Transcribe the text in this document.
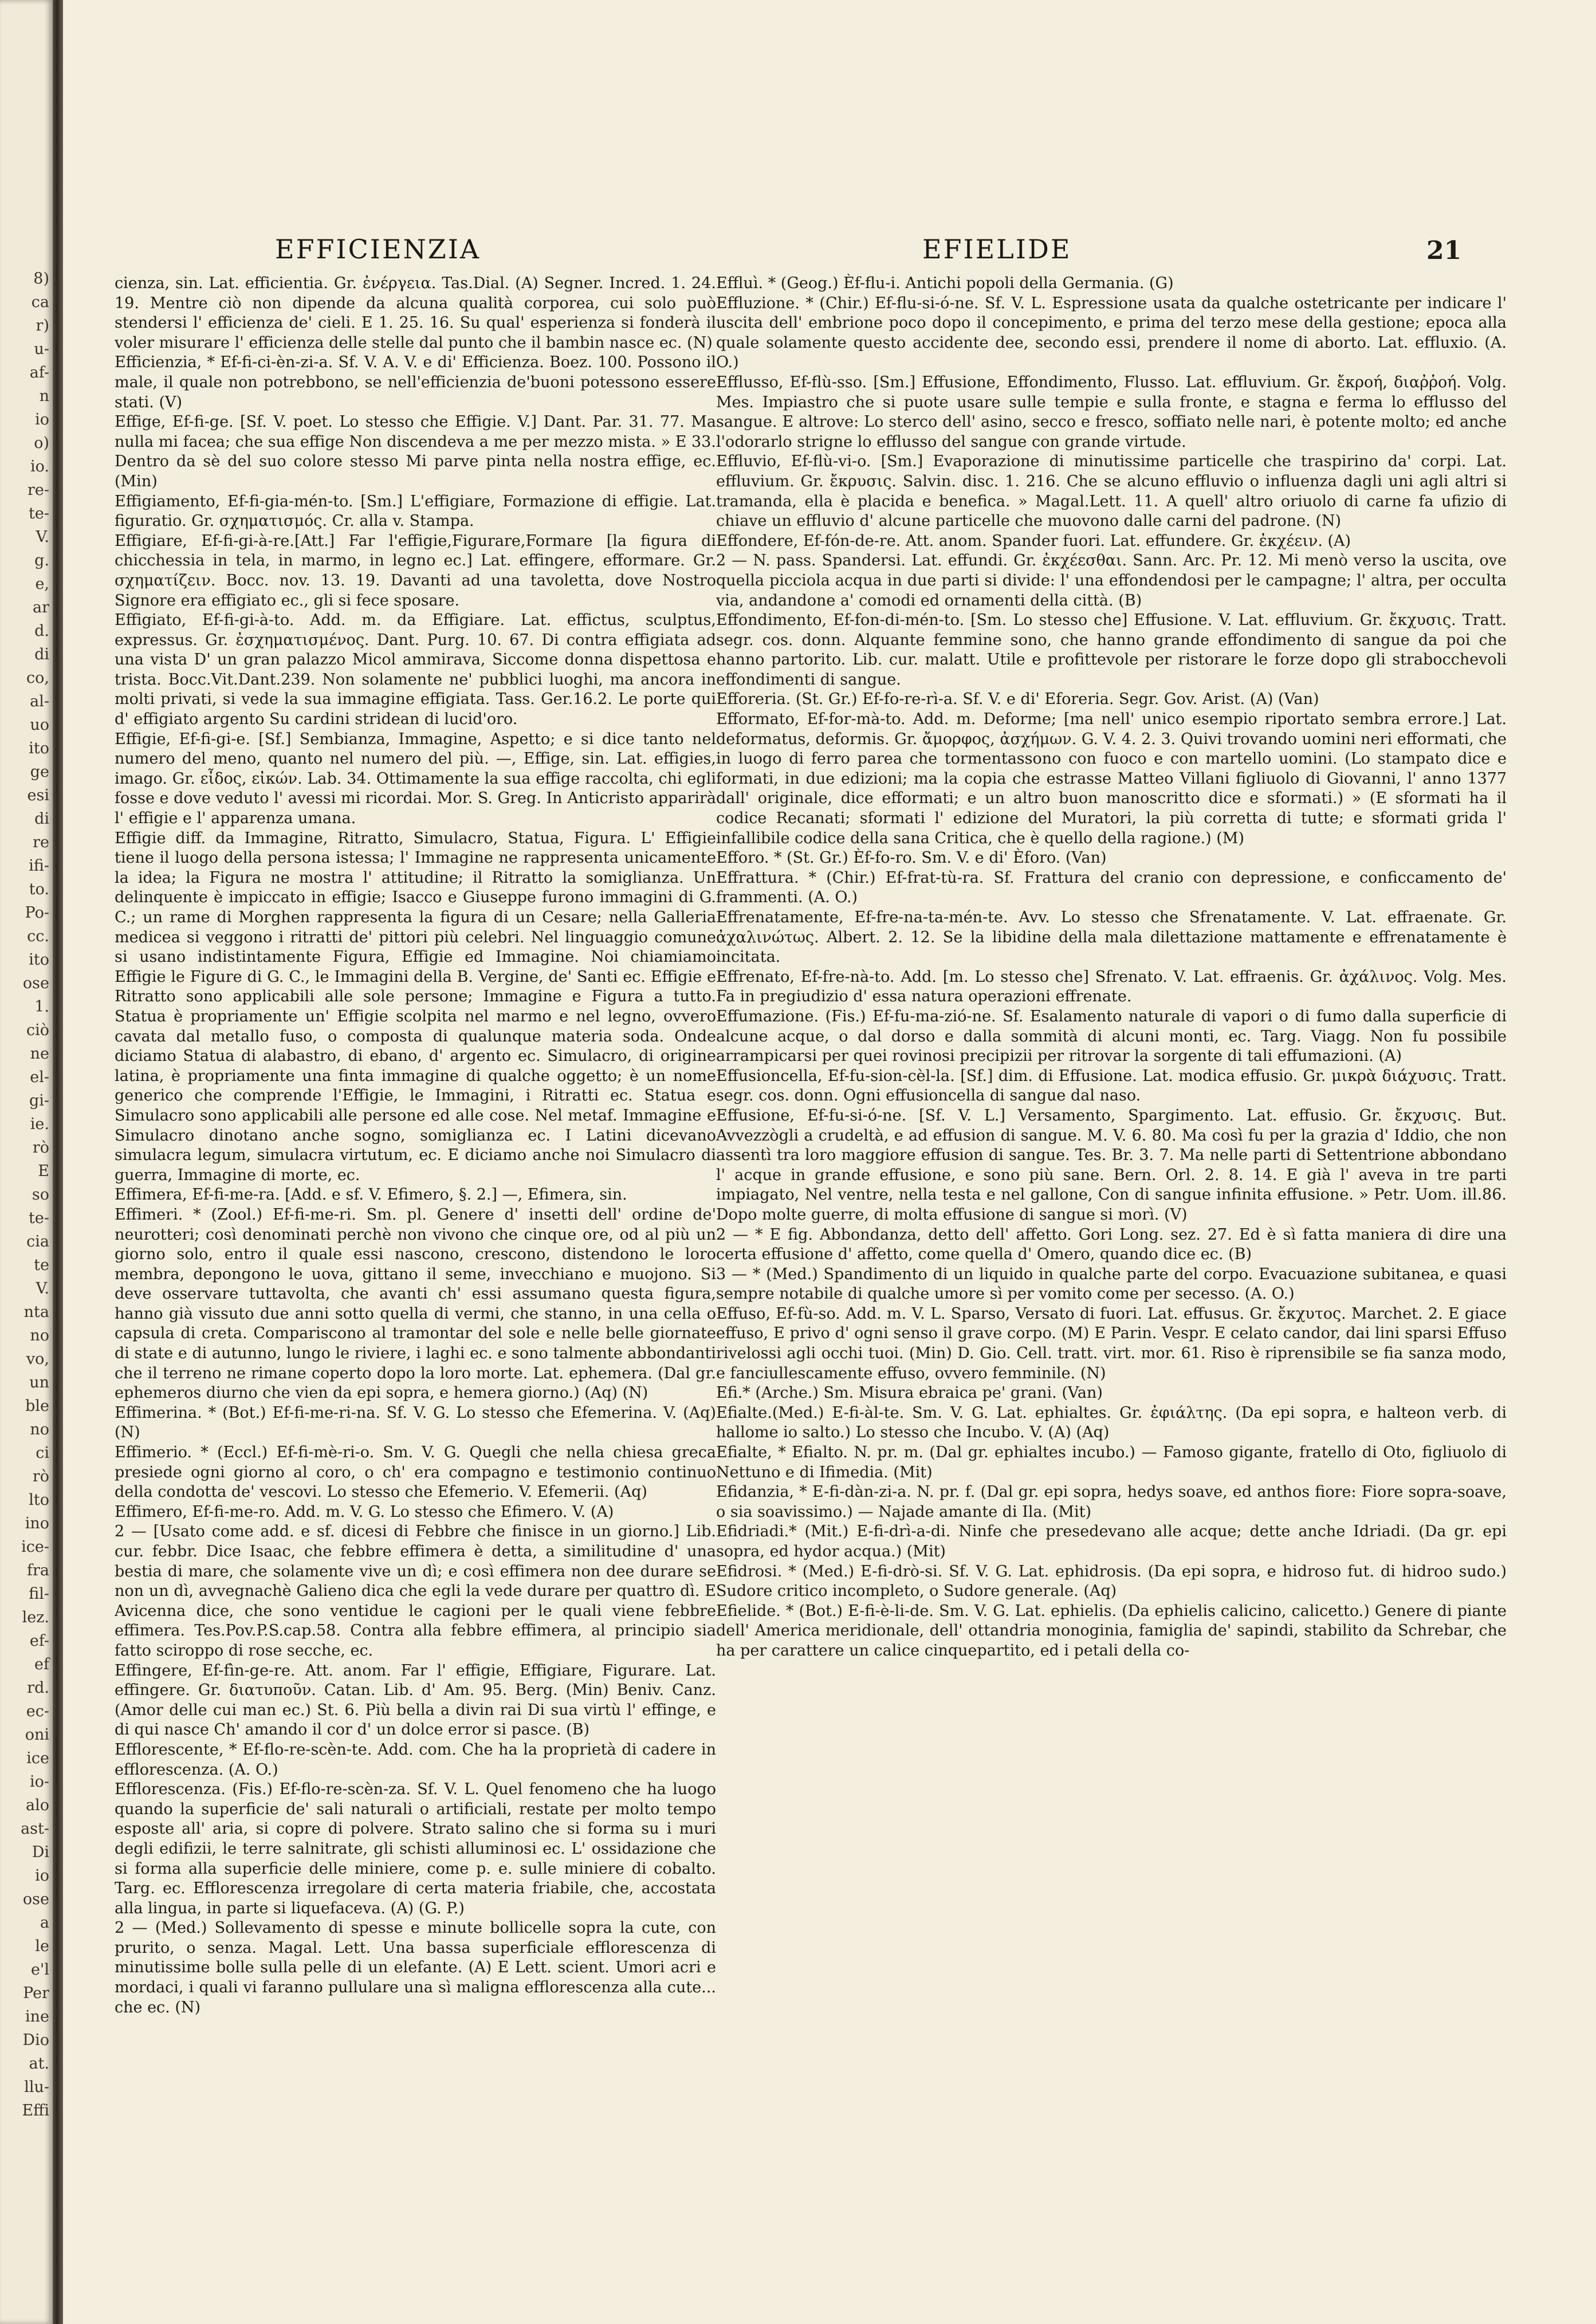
8)
ca
r)
u-
af-
n
io
o)
io.
re-
te-
V.
g.
e,
ar
d.
di
co,
al-
uo
ito
ge
esi
di
re
ifi-
to.
Po-
cc.
ito
ose
1.
ciò
ne
el-
gi-
ie.
rò
E
so
te-
cia
te
V.
nta
no
vo,
un
ble
no
ci
rò
lto
ino
ice-
fra
fil-
lez.
ef-
ef
rd.
ec-
oni
ice
io-
alo
ast-
Di
io
ose
a
le
e'l
Per
ine
Dio
at.
llu-
Effi
EFFICIENZIA	EFIELIDE	21

cienza, sin. Lat. efficientia. Gr. ἐνέργεια. Tas.Dial. (A) Segner. Incred. 1. 24. 19. Mentre ciò non dipende da alcuna qualità corporea, cui solo può stendersi l' efficienza de' cieli. E 1. 25. 16. Su qual' esperienza si fonderà il voler misurare l' efficienza delle stelle dal punto che il bambin nasce ec. (N)

Efficienzia, * Ef-fi-ci-èn-zi-a. Sf. V. A. V. e di' Efficienza. Boez. 100. Possono il male, il quale non potrebbono, se nell'efficienzia de'buoni potessono essere stati. (V)

Effige, Ef-fi-ge. [Sf. V. poet. Lo stesso che Effigie. V.] Dant. Par. 31. 77. Ma nulla mi facea; che sua effige Non discendeva a me per mezzo mista. » E 33. Dentro da sè del suo colore stesso Mi parve pinta nella nostra effige, ec. (Min)

Effigiamento, Ef-fi-gia-mén-to. [Sm.] L'effigiare, Formazione di effigie. Lat. figuratio. Gr. σχηματισμός. Cr. alla v. Stampa.

Effigiare, Ef-fi-gi-à-re.[Att.] Far l'effigie,Figurare,Formare [la figura di chicchessia in tela, in marmo, in legno ec.] Lat. effingere, efformare. Gr. σχηματίζειν. Bocc. nov. 13. 19. Davanti ad una tavoletta, dove Nostro Signore era effigiato ec., gli si fece sposare.

Effigiato, Ef-fi-gi-à-to. Add. m. da Effigiare. Lat. effictus, sculptus, expressus. Gr. ἐσχηματισμένος. Dant. Purg. 10. 67. Di contra effigiata ad una vista D' un gran palazzo Micol ammirava, Siccome donna dispettosa e trista. Bocc.Vit.Dant.239. Non solamente ne' pubblici luoghi, ma ancora in molti privati, si vede la sua immagine effigiata. Tass. Ger.16.2. Le porte qui d' effigiato argento Su cardini stridean di lucid'oro.

Effigie, Ef-fi-gi-e. [Sf.] Sembianza, Immagine, Aspetto; e si dice tanto nel numero del meno, quanto nel numero del più. —, Effige, sin. Lat. effigies, imago. Gr. εἶδος, εἰκών. Lab. 34. Ottimamente la sua effige raccolta, chi egli fosse e dove veduto l' avessi mi ricordai. Mor. S. Greg. In Anticristo apparirà l' effigie e l' apparenza umana.

Effigie diff. da Immagine, Ritratto, Simulacro, Statua, Figura. L' Effigie tiene il luogo della persona istessa; l' Immagine ne rappresenta unicamente la idea; la Figura ne mostra l' attitudine; il Ritratto la somiglianza. Un delinquente è impiccato in effigie; Isacco e Giuseppe furono immagini di G. C.; un rame di Morghen rappresenta la figura di un Cesare; nella Galleria medicea si veggono i ritratti de' pittori più celebri. Nel linguaggio comune si usano indistintamente Figura, Effigie ed Immagine. Noi chiamiamo Effigie le Figure di G. C., le Immagini della B. Vergine, de' Santi ec. Effigie e Ritratto sono applicabili alle sole persone; Immagine e Figura a tutto. Statua è propriamente un' Effigie scolpita nel marmo e nel legno, ovvero cavata dal metallo fuso, o composta di qualunque materia soda. Onde diciamo Statua di alabastro, di ebano, d' argento ec. Simulacro, di origine latina, è propriamente una finta immagine di qualche oggetto; è un nome generico che comprende l'Effigie, le Immagini, i Ritratti ec. Statua e Simulacro sono applicabili alle persone ed alle cose. Nel metaf. Immagine e Simulacro dinotano anche sogno, somiglianza ec. I Latini dicevano simulacra legum, simulacra virtutum, ec. E diciamo anche noi Simulacro di guerra, Immagine di morte, ec.

Effimera, Ef-fi-me-ra. [Add. e sf. V. Efimero, §. 2.] —, Efimera, sin.

Effimeri. * (Zool.) Ef-fi-me-ri. Sm. pl. Genere d' insetti dell' ordine de' neurotteri; così denominati perchè non vivono che cinque ore, od al più un giorno solo, entro il quale essi nascono, crescono, distendono le loro membra, depongono le uova, gittano il seme, invecchiano e muojono. Si deve osservare tuttavolta, che avanti ch' essi assumano questa figura, hanno già vissuto due anni sotto quella di vermi, che stanno, in una cella o capsula di creta. Compariscono al tramontar del sole e nelle belle giornate di state e di autunno, lungo le riviere, i laghi ec. e sono talmente abbondanti che il terreno ne rimane coperto dopo la loro morte. Lat. ephemera. (Dal gr. ephemeros diurno che vien da epi sopra, e hemera giorno.) (Aq) (N)

Effimerina. * (Bot.) Ef-fi-me-ri-na. Sf. V. G. Lo stesso che Efemerina. V. (Aq) (N)

Effimerio. * (Eccl.) Ef-fi-mè-ri-o. Sm. V. G. Quegli che nella chiesa greca presiede ogni giorno al coro, o ch' era compagno e testimonio continuo della condotta de' vescovi. Lo stesso che Efemerio. V. Efemerii. (Aq)

Effimero, Ef-fi-me-ro. Add. m. V. G. Lo stesso che Efimero. V. (A)

2 — [Usato come add. e sf. dicesi di Febbre che finisce in un giorno.] Lib. cur. febbr. Dice Isaac, che febbre effimera è detta, a similitudine d' una bestia di mare, che solamente vive un dì; e così effimera non dee durare se non un dì, avvegnachè Galieno dica che egli la vede durare per quattro dì. E Avicenna dice, che sono ventidue le cagioni per le quali viene febbre effimera. Tes.Pov.P.S.cap.58. Contra alla febbre effimera, al principio sia fatto sciroppo di rose secche, ec.

Effingere, Ef-fìn-ge-re. Att. anom. Far l' effigie, Effigiare, Figurare. Lat. effingere. Gr. διατυποῦν. Catan. Lib. d' Am. 95. Berg. (Min) Beniv. Canz. (Amor delle cui man ec.) St. 6. Più bella a divin rai Di sua virtù l' effinge, e di qui nasce Ch' amando il cor d' un dolce error si pasce. (B)

Efflorescente, * Ef-flo-re-scèn-te. Add. com. Che ha la proprietà di cadere in efflorescenza. (A. O.)

Efflorescenza. (Fis.) Ef-flo-re-scèn-za. Sf. V. L. Quel fenomeno che ha luogo quando la superficie de' sali naturali o artificiali, restate per molto tempo esposte all' aria, si copre di polvere. Strato salino che si forma su i muri degli edifizii, le terre salnitrate, gli schisti alluminosi ec. L' ossidazione che si forma alla superficie delle miniere, come p. e. sulle miniere di cobalto. Targ. ec. Efflorescenza irregolare di certa materia friabile, che, accostata alla lingua, in parte si liquefaceva. (A) (G. P.)

2 — (Med.) Sollevamento di spesse e minute bollicelle sopra la cute, con prurito, o senza. Magal. Lett. Una bassa superficiale efflorescenza di minutissime bolle sulla pelle di un elefante. (A) E Lett. scient. Umori acri e mordaci, i quali vi faranno pullulare una sì maligna efflorescenza alla cute... che ec. (N)

Effluì. * (Geog.) Èf-flu-i. Antichi popoli della Germania. (G)

Effluzione. * (Chir.) Ef-flu-si-ó-ne. Sf. V. L. Espressione usata da qualche ostetricante per indicare l' uscita dell' embrione poco dopo il concepimento, e prima del terzo mese della gestione; epoca alla quale solamente questo accidente dee, secondo essi, prendere il nome di aborto. Lat. effluxio. (A. O.)

Efflusso, Ef-flù-sso. [Sm.] Effusione, Effondimento, Flusso. Lat. effluvium. Gr. ἔκροή, διαῤῥοή. Volg. Mes. Impiastro che si puote usare sulle tempie e sulla fronte, e stagna e ferma lo efflusso del sangue. E altrove: Lo sterco dell' asino, secco e fresco, soffiato nelle nari, è potente molto; ed anche l'odorarlo strigne lo efflusso del sangue con grande virtude.

Effluvio, Ef-flù-vi-o. [Sm.] Evaporazione di minutissime particelle che traspirino da' corpi. Lat. effluvium. Gr. ἔκρυσις. Salvin. disc. 1. 216. Che se alcuno effluvio o influenza dagli uni agli altri si tramanda, ella è placida e benefica. » Magal.Lett. 11. A quell' altro oriuolo di carne fa ufizio di chiave un effluvio d' alcune particelle che muovono dalle carni del padrone. (N)

Effondere, Ef-fón-de-re. Att. anom. Spander fuori. Lat. effundere. Gr. ἐκχέειν. (A)

2 — N. pass. Spandersi. Lat. effundi. Gr. ἐκχέεσθαι. Sann. Arc. Pr. 12. Mi menò verso la uscita, ove quella picciola acqua in due parti si divide: l' una effondendosi per le campagne; l' altra, per occulta via, andandone a' comodi ed ornamenti della città. (B)

Effondimento, Ef-fon-di-mén-to. [Sm. Lo stesso che] Effusione. V. Lat. effluvium. Gr. ἔκχυσις. Tratt. segr. cos. donn. Alquante femmine sono, che hanno grande effondimento di sangue da poi che hanno partorito. Lib. cur. malatt. Utile e profittevole per ristorare le forze dopo gli strabocchevoli effondimenti di sangue.

Efforeria. (St. Gr.) Ef-fo-re-rì-a. Sf. V. e di' Eforeria. Segr. Gov. Arist. (A) (Van)

Efformato, Ef-for-mà-to. Add. m. Deforme; [ma nell' unico esempio riportato sembra errore.] Lat. deformatus, deformis. Gr. ἄμορφος, ἀσχήμων. G. V. 4. 2. 3. Quivi trovando uomini neri efformati, che in luogo di ferro parea che tormentassono con fuoco e con martello uomini. (Lo stampato dice e formati, in due edizioni; ma la copia che estrasse Matteo Villani figliuolo di Giovanni, l' anno 1377 dall' originale, dice efformati; e un altro buon manoscritto dice e sformati.) » (E sformati ha il codice Recanati; sformati l' edizione del Muratori, la più corretta di tutte; e sformati grida l' infallibile codice della sana Critica, che è quello della ragione.) (M)

Efforo. * (St. Gr.) Èf-fo-ro. Sm. V. e di' Èforo. (Van)

Effrattura. * (Chir.) Ef-frat-tù-ra. Sf. Frattura del cranio con depressione, e conficcamento de' frammenti. (A. O.)

Effrenatamente, Ef-fre-na-ta-mén-te. Avv. Lo stesso che Sfrenatamente. V. Lat. effraenate. Gr. ἀχαλινώτως. Albert. 2. 12. Se la libidine della mala dilettazione mattamente e effrenatamente è incitata.

Effrenato, Ef-fre-nà-to. Add. [m. Lo stesso che] Sfrenato. V. Lat. effraenis. Gr. ἀχάλινος. Volg. Mes. Fa in pregiudizio d' essa natura operazioni effrenate.

Effumazione. (Fis.) Ef-fu-ma-zió-ne. Sf. Esalamento naturale di vapori o di fumo dalla superficie di alcune acque, o dal dorso e dalla sommità di alcuni monti, ec. Targ. Viagg. Non fu possibile arrampicarsi per quei rovinosi precipizii per ritrovar la sorgente di tali effumazioni. (A)

Effusioncella, Ef-fu-sion-cèl-la. [Sf.] dim. di Effusione. Lat. modica effusio. Gr. μικρὰ διάχυσις. Tratt. segr. cos. donn. Ogni effusioncella di sangue dal naso.

Effusione, Ef-fu-si-ó-ne. [Sf. V. L.] Versamento, Spargimento. Lat. effusio. Gr. ἔκχυσις. But. Avvezzògli a crudeltà, e ad effusion di sangue. M. V. 6. 80. Ma così fu per la grazia d' Iddio, che non assentì tra loro maggiore effusion di sangue. Tes. Br. 3. 7. Ma nelle parti di Settentrione abbondano l' acque in grande effusione, e sono più sane. Bern. Orl. 2. 8. 14. E già l' aveva in tre parti impiagato, Nel ventre, nella testa e nel gallone, Con di sangue infinita effusione. » Petr. Uom. ill.86. Dopo molte guerre, di molta effusione di sangue si morì. (V)

2 — * E fig. Abbondanza, detto dell' affetto. Gori Long. sez. 27. Ed è sì fatta maniera di dire una certa effusione d' affetto, come quella d' Omero, quando dice ec. (B)

3 — * (Med.) Spandimento di un liquido in qualche parte del corpo. Evacuazione subitanea, e quasi sempre notabile di qualche umore sì per vomito come per secesso. (A. O.)

Effuso, Ef-fù-so. Add. m. V. L. Sparso, Versato di fuori. Lat. effusus. Gr. ἔκχυτος. Marchet. 2. E giace effuso, E privo d' ogni senso il grave corpo. (M) E Parin. Vespr. E celato candor, dai lini sparsi Effuso rivelossi agli occhi tuoi. (Min) D. Gio. Cell. tratt. virt. mor. 61. Riso è riprensibile se fia sanza modo, e fanciullescamente effuso, ovvero femminile. (N)

Efi.* (Arche.) Sm. Misura ebraica pe' grani. (Van)

Efialte.(Med.) E-fi-àl-te. Sm. V. G. Lat. ephialtes. Gr. ἐφιάλτης. (Da epi sopra, e halteon verb. di hallome io salto.) Lo stesso che Incubo. V. (A) (Aq)

Efialte, * Efialto. N. pr. m. (Dal gr. ephialtes incubo.) — Famoso gigante, fratello di Oto, figliuolo di Nettuno e di Ifimedia. (Mit)

Efidanzia, * E-fi-dàn-zi-a. N. pr. f. (Dal gr. epi sopra, hedys soave, ed anthos fiore: Fiore sopra-soave, o sia soavissimo.) — Najade amante di Ila. (Mit)

Efidriadi.* (Mit.) E-fi-drì-a-di. Ninfe che presedevano alle acque; dette anche Idriadi. (Da gr. epi sopra, ed hydor acqua.) (Mit)

Efidrosi. * (Med.) E-fi-drò-si. Sf. V. G. Lat. ephidrosis. (Da epi sopra, e hidroso fut. di hidroo sudo.) Sudore critico incompleto, o Sudore generale. (Aq)

Efielide. * (Bot.) E-fi-è-li-de. Sm. V. G. Lat. ephielis. (Da ephielis calicino, calicetto.) Genere di piante dell' America meridionale, dell' ottandria monoginia, famiglia de' sapindi, stabilito da Schrebar, che ha per carattere un calice cinquepartito, ed i petali della co-
